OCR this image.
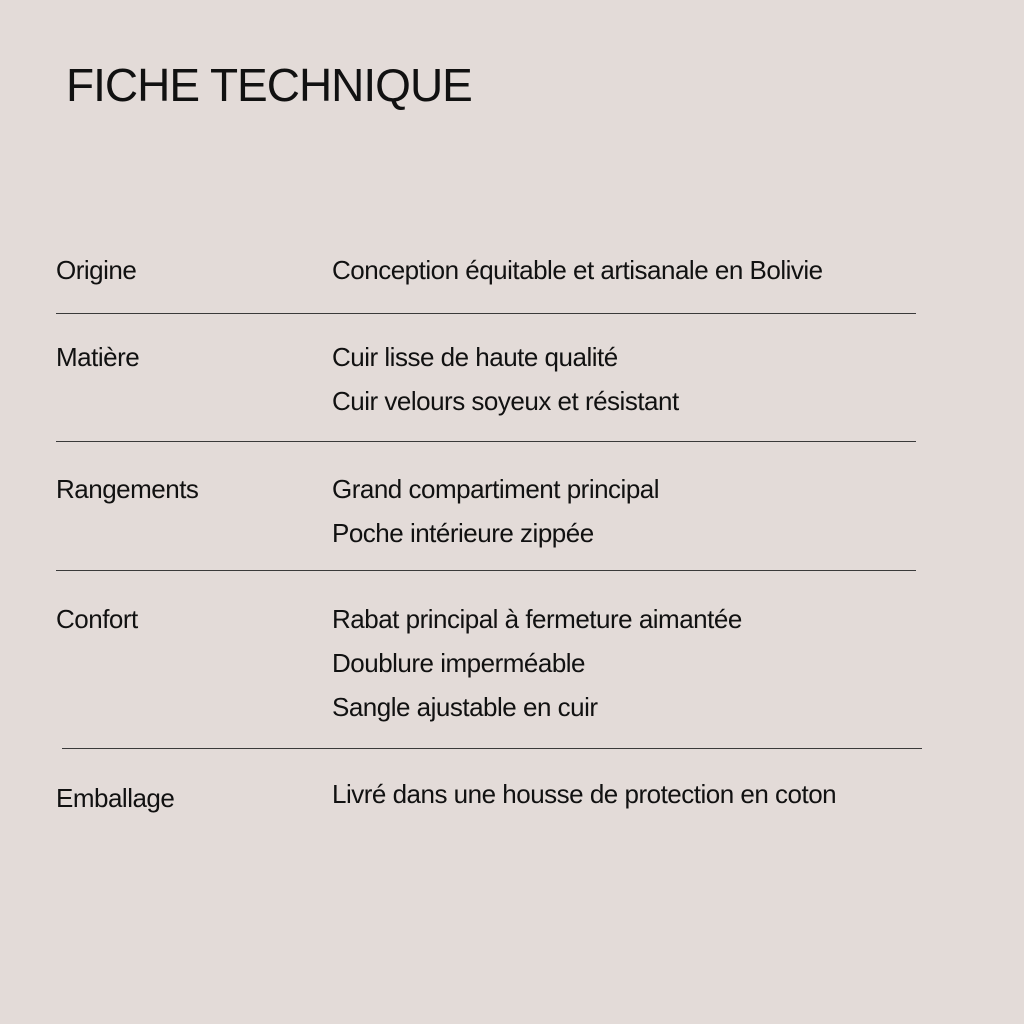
FICHE TECHNIQUE
Origine	Conception équitable et artisanale en Bolivie
Matière	Cuir lisse de haute qualité
Cuir velours soyeux et résistant
Rangements	Grand compartiment principal
Poche intérieure zippée
Confort	Rabat principal à fermeture aimantée
Doublure imperméable
Sangle ajustable en cuir
Emballage	Livré dans une housse de protection en coton
